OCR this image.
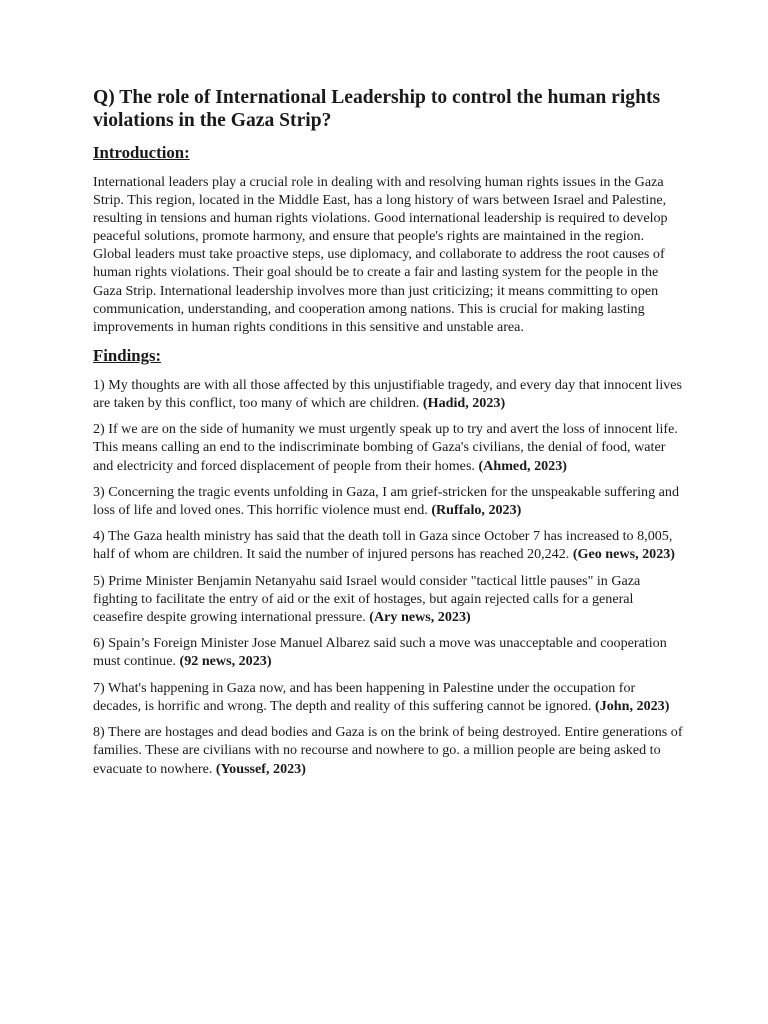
Q) The role of International Leadership to control the human rights violations in the Gaza Strip?
Introduction:

International leaders play a crucial role in dealing with and resolving human rights issues in the Gaza Strip. This region, located in the Middle East, has a long history of wars between Israel and Palestine, resulting in tensions and human rights violations. Good international leadership is required to develop peaceful solutions, promote harmony, and ensure that people's rights are maintained in the region. Global leaders must take proactive steps, use diplomacy, and collaborate to address the root causes of human rights violations. Their goal should be to create a fair and lasting system for the people in the Gaza Strip. International leadership involves more than just criticizing; it means committing to open communication, understanding, and cooperation among nations. This is crucial for making lasting improvements in human rights conditions in this sensitive and unstable area.

Findings:

1) My thoughts are with all those affected by this unjustifiable tragedy, and every day that innocent lives are taken by this conflict, too many of which are children. (Hadid, 2023)

2) If we are on the side of humanity we must urgently speak up to try and avert the loss of innocent life. This means calling an end to the indiscriminate bombing of Gaza's civilians, the denial of food, water and electricity and forced displacement of people from their homes. (Ahmed, 2023)

3) Concerning the tragic events unfolding in Gaza, I am grief-stricken for the unspeakable suffering and loss of life and loved ones. This horrific violence must end. (Ruffalo, 2023)

4) The Gaza health ministry has said that the death toll in Gaza since October 7 has increased to 8,005, half of whom are children. It said the number of injured persons has reached 20,242. (Geo news, 2023)

5) Prime Minister Benjamin Netanyahu said Israel would consider "tactical little pauses" in Gaza fighting to facilitate the entry of aid or the exit of hostages, but again rejected calls for a general ceasefire despite growing international pressure. (Ary news, 2023)

6) Spain’s Foreign Minister Jose Manuel Albarez said such a move was unacceptable and cooperation must continue. (92 news, 2023)

7) What's happening in Gaza now, and has been happening in Palestine under the occupation for decades, is horrific and wrong. The depth and reality of this suffering cannot be ignored. (John, 2023)

8) There are hostages and dead bodies and Gaza is on the brink of being destroyed. Entire generations of families. These are civilians with no recourse and nowhere to go. a million people are being asked to evacuate to nowhere. (Youssef, 2023)
